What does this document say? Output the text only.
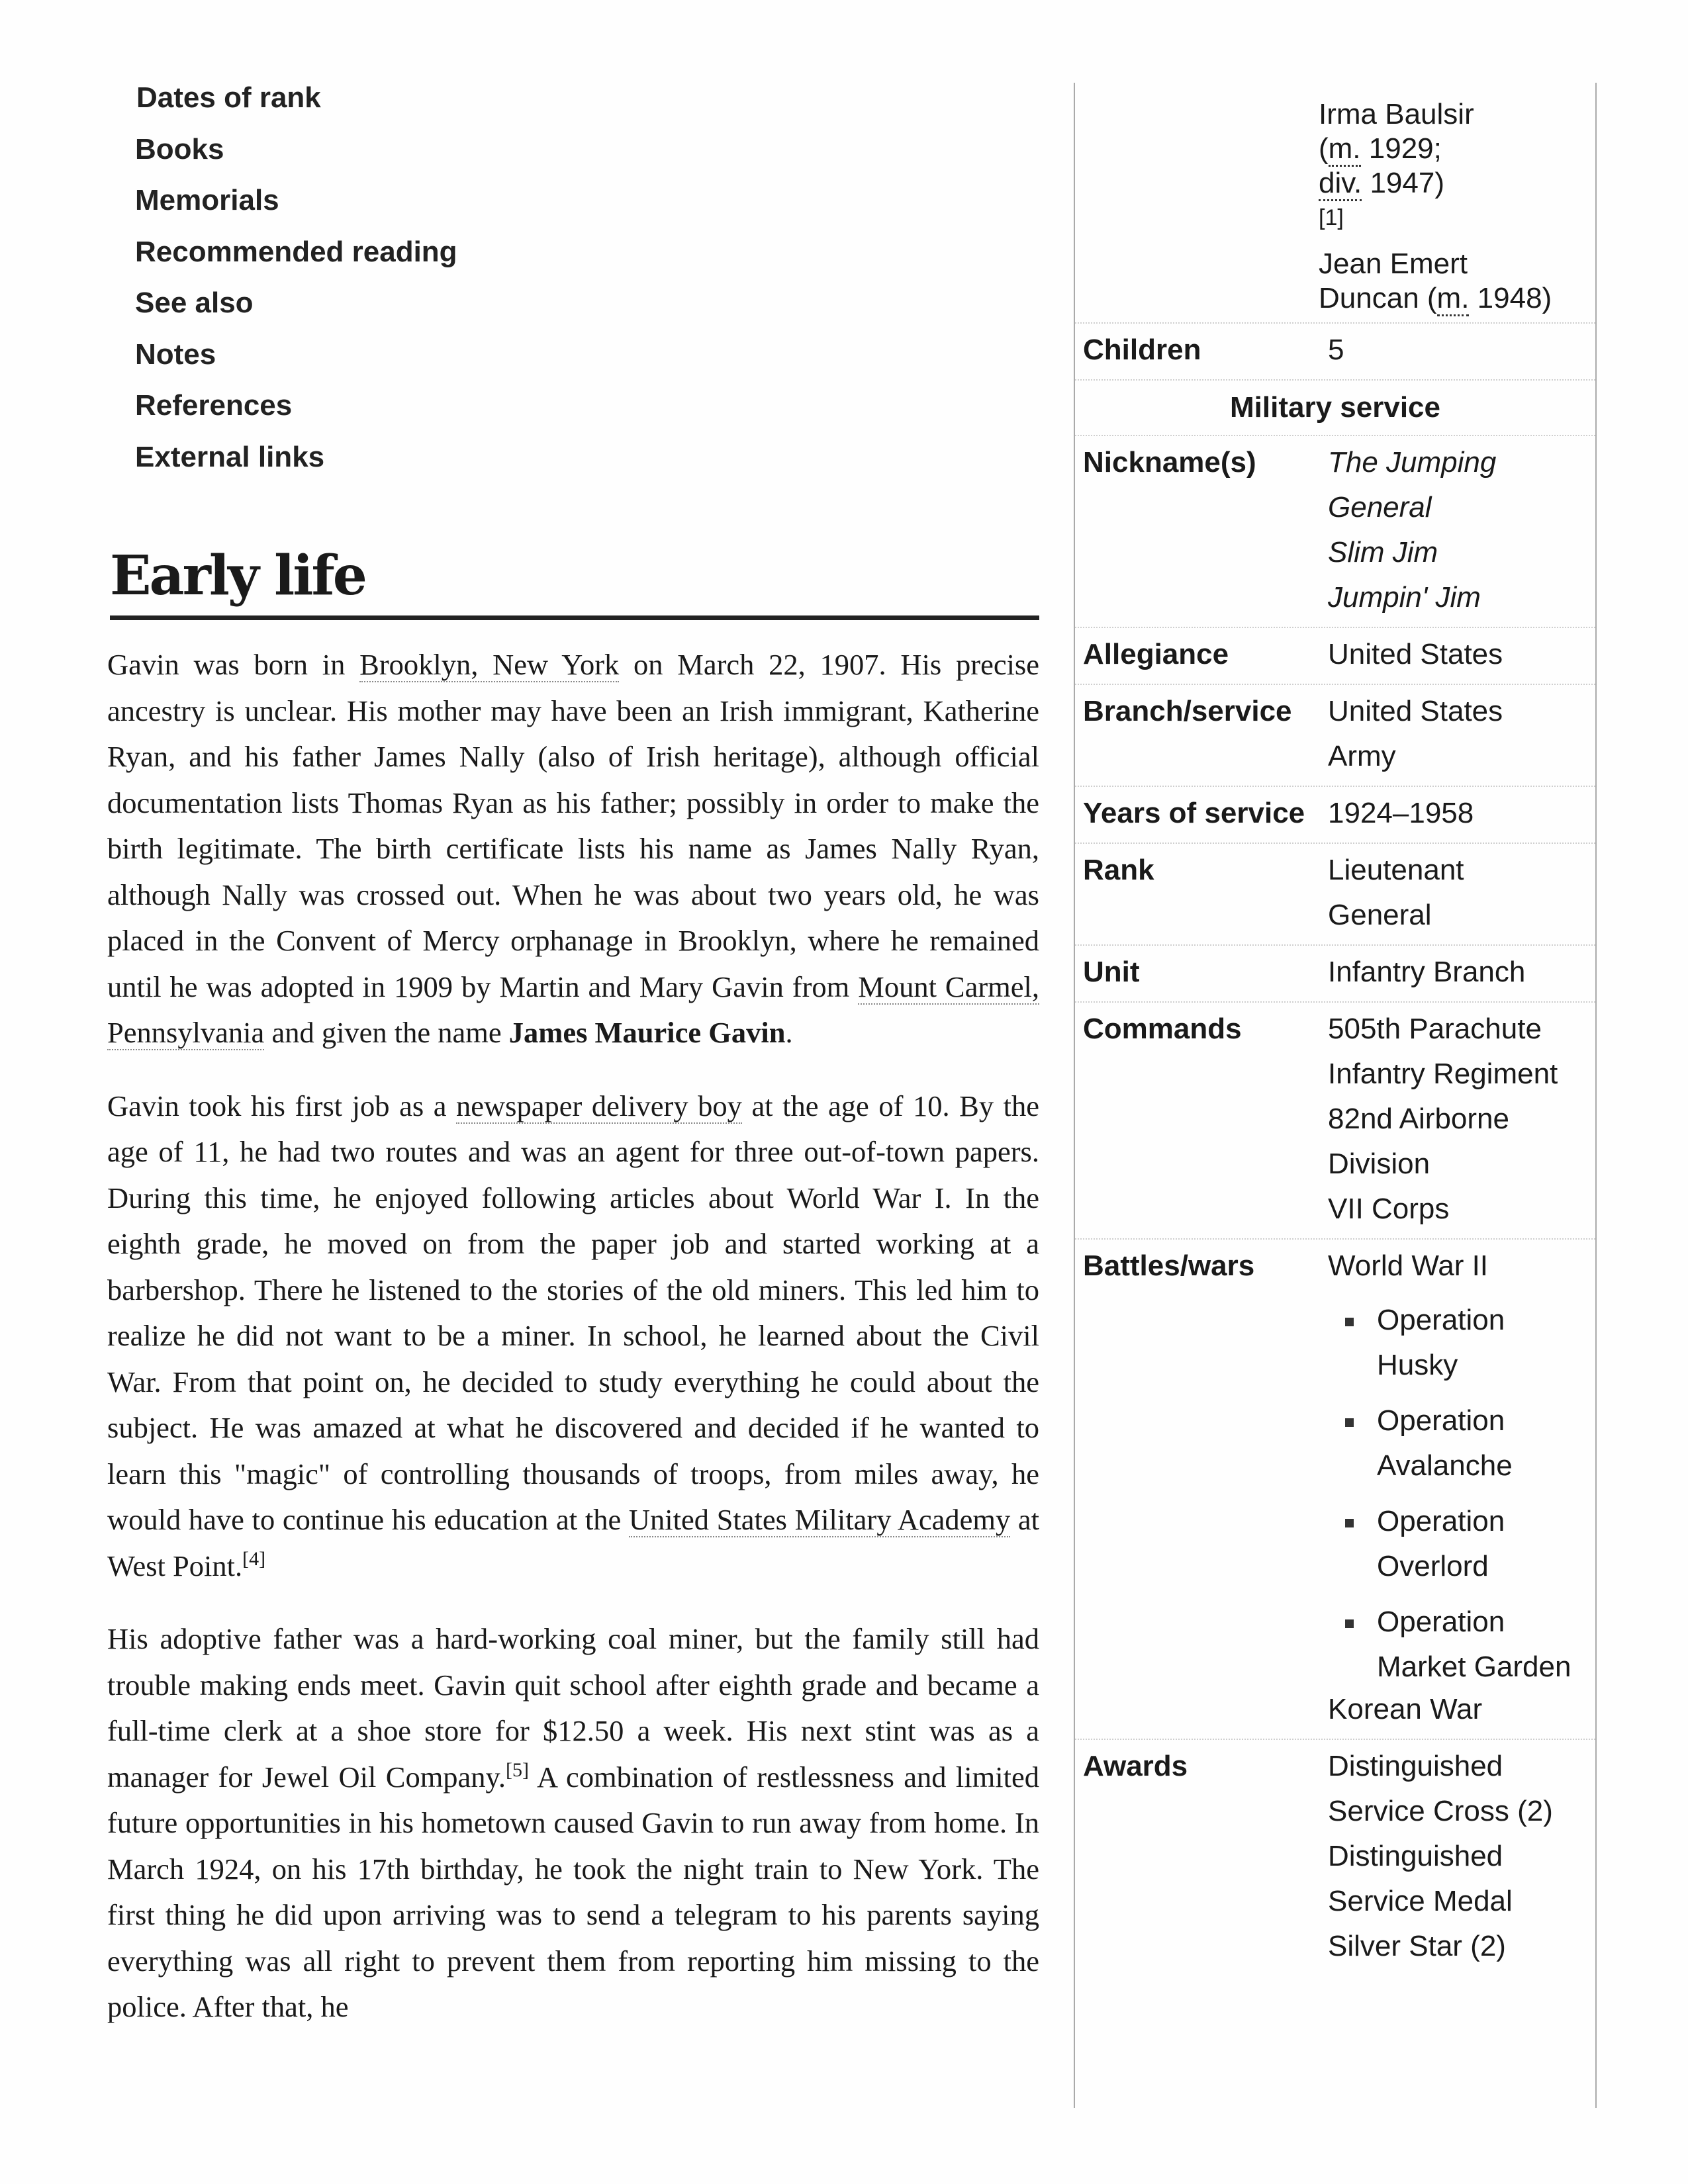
Dates of rank
Books
Memorials
Recommended reading
See also
Notes
References
External links
Early life

Gavin was born in Brooklyn, New York on March 22, 1907. His precise ancestry is unclear. His mother may have been an Irish immigrant, Katherine Ryan, and his father James Nally (also of Irish heritage), although official documentation lists Thomas Ryan as his father; possibly in order to make the birth legitimate. The birth certificate lists his name as James Nally Ryan, although Nally was crossed out. When he was about two years old, he was placed in the Convent of Mercy orphanage in Brooklyn, where he remained until he was adopted in 1909 by Martin and Mary Gavin from Mount Carmel, Pennsylvania and given the name James Maurice Gavin.

Gavin took his first job as a newspaper delivery boy at the age of 10. By the age of 11, he had two routes and was an agent for three out-of-town papers. During this time, he enjoyed following articles about World War I. In the eighth grade, he moved on from the paper job and started working at a barbershop. There he listened to the stories of the old miners. This led him to realize he did not want to be a miner. In school, he learned about the Civil War. From that point on, he decided to study everything he could about the subject. He was amazed at what he discovered and decided if he wanted to learn this "magic" of controlling thousands of troops, from miles away, he would have to continue his education at the United States Military Academy at West Point.[4]

His adoptive father was a hard-working coal miner, but the family still had trouble making ends meet. Gavin quit school after eighth grade and became a full-time clerk at a shoe store for $12.50 a week. His next stint was as a manager for Jewel Oil Company.[5] A combination of restlessness and limited future opportunities in his hometown caused Gavin to run away from home. In March 1924, on his 17th birthday, he took the night train to New York. The first thing he did upon arriving was to send a telegram to his parents saying everything was all right to prevent them from reporting him missing to the police. After that, he

Irma Baulsir
(m. 1929;
div. 1947)
[1]
Jean Emert
Duncan (m. 1948)
Children	5
Military service
Nickname(s)	The Jumping
General
Slim Jim
Jumpin' Jim
Allegiance	United States
Branch/service	United States
Army
Years of service 1924–1958
Rank	Lieutenant
General
Unit	Infantry Branch
Commands	505th Parachute
Infantry Regiment
82nd Airborne
Division
VII Corps
Battles/wars	World War II
Operation
Husky
Operation
Avalanche
Operation
Overlord
Operation
Market Garden
Korean War
Awards	Distinguished
Service Cross (2)
Distinguished
Service Medal
Silver Star (2)
